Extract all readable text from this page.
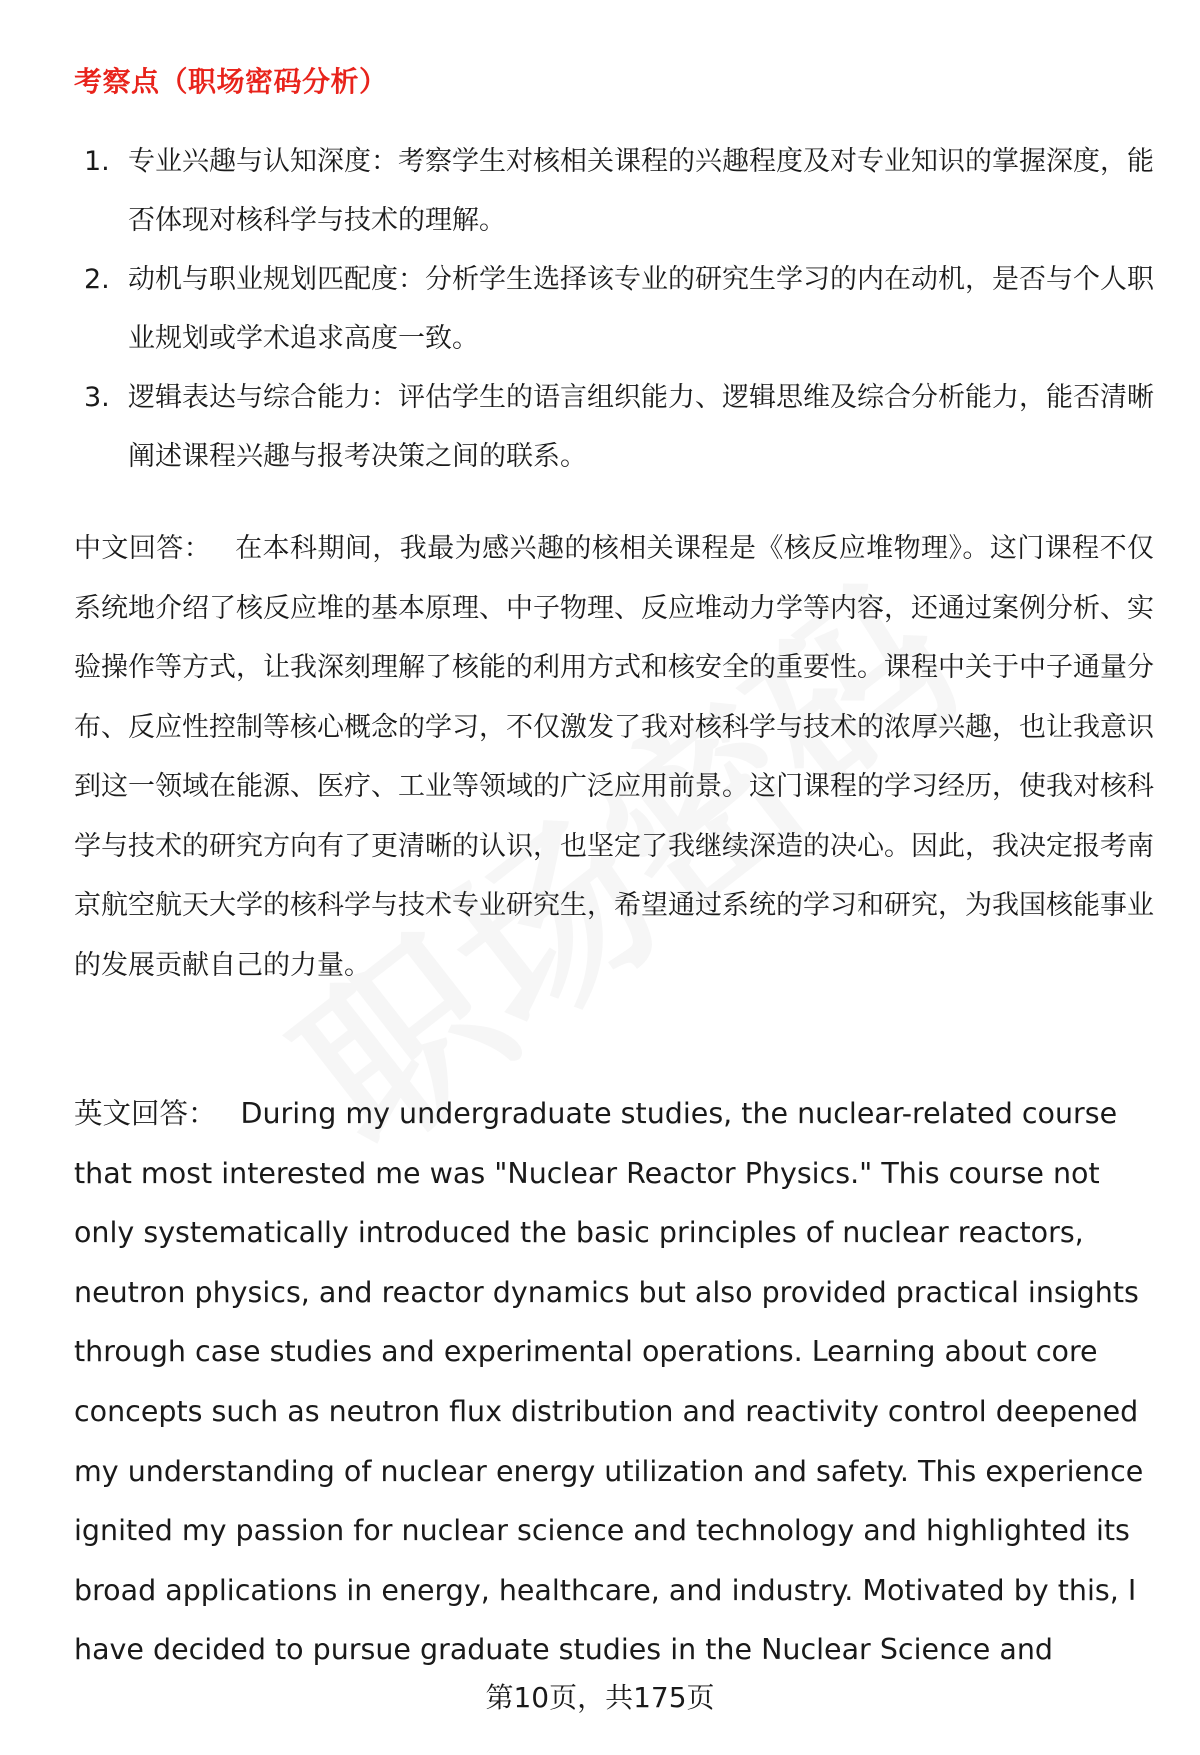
考察点（职场密码分析）
1. 专业兴趣与认知深度：考察学生对核相关课程的兴趣程度及对专业知识的掌握深度，能否体现对核科学与技术的理解。
2. 动机与职业规划匹配度：分析学生选择该专业的研究生学习的内在动机，是否与个人职业规划或学术追求高度一致。
3. 逻辑表达与综合能力：评估学生的语言组织能力、逻辑思维及综合分析能力，能否清晰阐述课程兴趣与报考决策之间的联系。

中文回答： 在本科期间，我最为感兴趣的核相关课程是《核反应堆物理》。这门课程不仅系统地介绍了核反应堆的基本原理、中子物理、反应堆动力学等内容，还通过案例分析、实验操作等方式，让我深刻理解了核能的利用方式和核安全的重要性。课程中关于中子通量分布、反应性控制等核心概念的学习，不仅激发了我对核科学与技术的浓厚兴趣，也让我意识到这一领域在能源、医疗、工业等领域的广泛应用前景。这门课程的学习经历，使我对核科学与技术的研究方向有了更清晰的认识，也坚定了我继续深造的决心。因此，我决定报考南京航空航天大学的核科学与技术专业研究生，希望通过系统的学习和研究，为我国核能事业的发展贡献自己的力量。

英文回答： During my undergraduate studies, the nuclear-related course that most interested me was "Nuclear Reactor Physics." This course not only systematically introduced the basic principles of nuclear reactors, neutron physics, and reactor dynamics but also provided practical insights through case studies and experimental operations. Learning about core concepts such as neutron flux distribution and reactivity control deepened my understanding of nuclear energy utilization and safety. This experience ignited my passion for nuclear science and technology and highlighted its broad applications in energy, healthcare, and industry. Motivated by this, I have decided to pursue graduate studies in the Nuclear Science and

第10页，共175页
